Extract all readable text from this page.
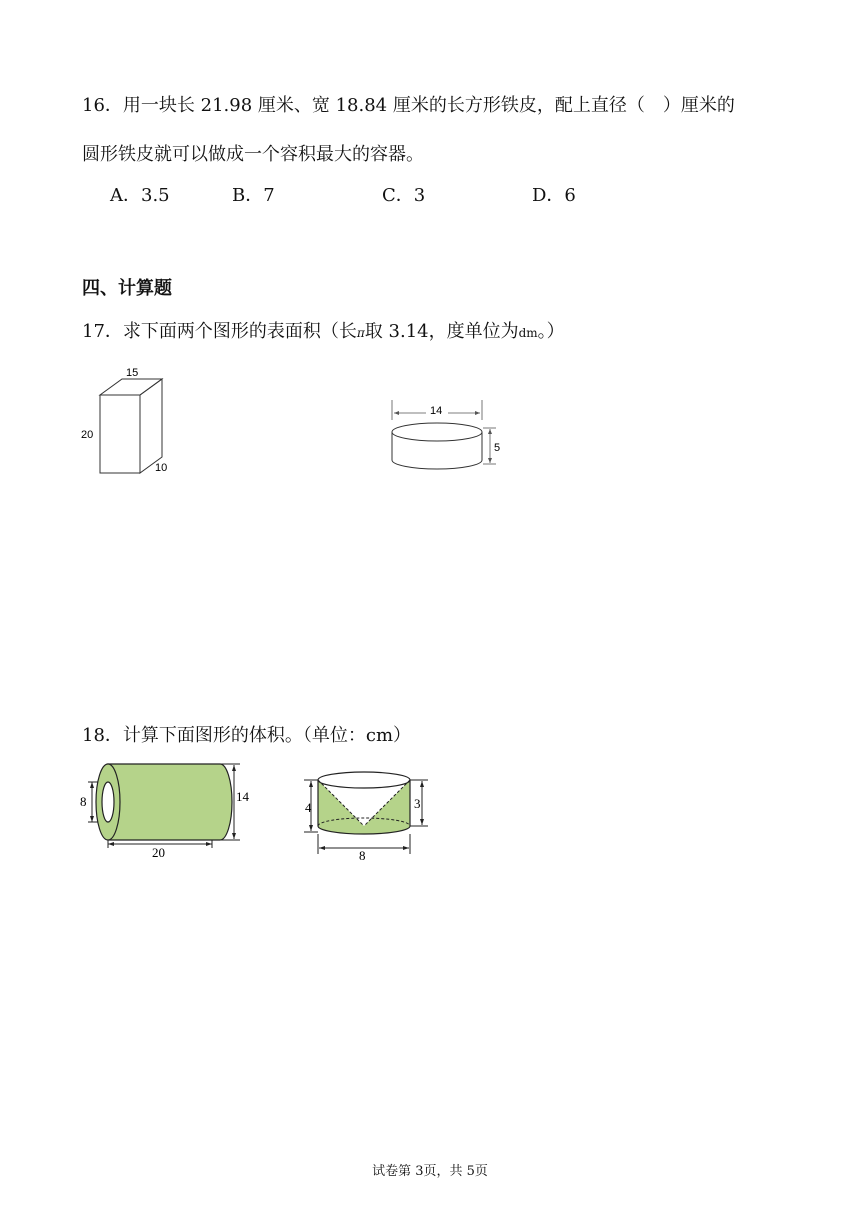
16．用一块长 21.98 厘米、宽 18.84 厘米的长方形铁皮，配上直径（　）厘米的
圆形铁皮就可以做成一个容积最大的容器。
A．3.5	B．7	C．3	D．6
四、计算题
17．求下面两个图形的表面积（长π取 3.14，度单位为dm。）
15
20
10
14
5
18．计算下面图形的体积。（单位：cm）
8	14
20
4	3
8
试卷第 3页，共 5页
